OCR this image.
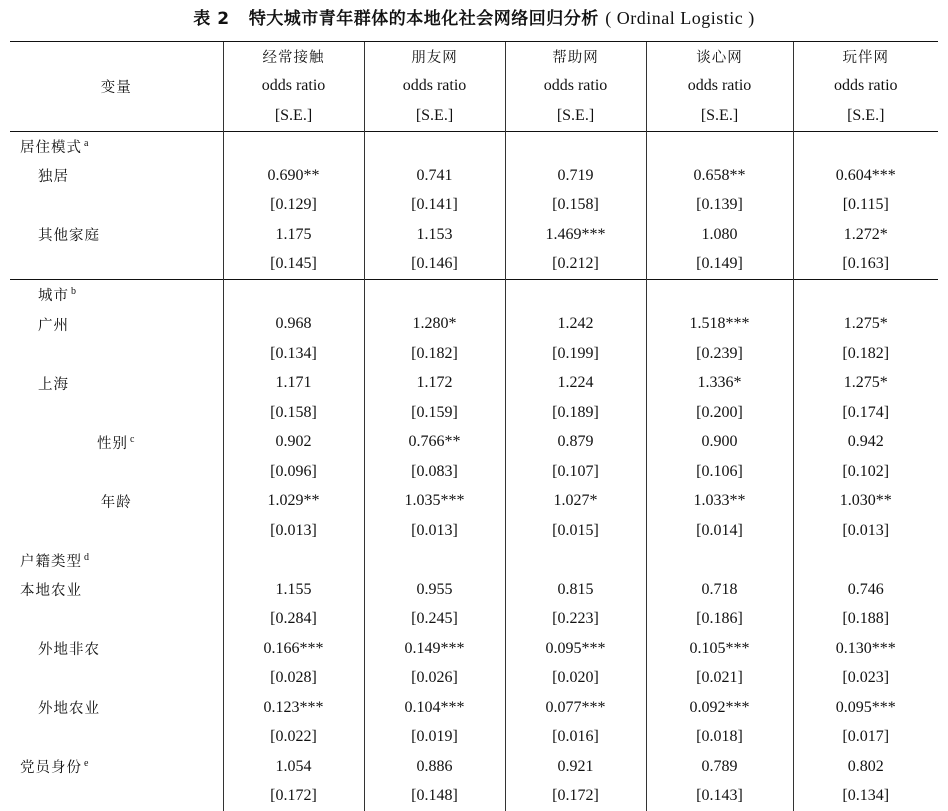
表 2 特大城市青年群体的本地化社会网络回归分析 ( Ordinal Logistic )
	经常接触	朋友网	帮助网	谈心网	玩伴网
变量	odds ratio	odds ratio	odds ratio	odds ratio	odds ratio
	[S.E.]	[S.E.]	[S.E.]	[S.E.]	[S.E.]
居住模式 $^a$					
独居	0.690**	0.741	0.719	0.658**	0.604***
	[0.129]	[0.141]	[0.158]	[0.139]	[0.115]
其他家庭	1.175	1.153	1.469***	1.080	1.272*
	[0.145]	[0.146]	[0.212]	[0.149]	[0.163]
城市 $^b$					
广州	0.968	1.280*	1.242	1.518***	1.275*
	[0.134]	[0.182]	[0.199]	[0.239]	[0.182]
上海	1.171	1.172	1.224	1.336*	1.275*
	[0.158]	[0.159]	[0.189]	[0.200]	[0.174]
性别 $^c$	0.902	0.766**	0.879	0.900	0.942
	[0.096]	[0.083]	[0.107]	[0.106]	[0.102]
年龄	1.029**	1.035***	1.027*	1.033**	1.030**
	[0.013]	[0.013]	[0.015]	[0.014]	[0.013]
户籍类型 $^d$					
本地农业	1.155	0.955	0.815	0.718	0.746
	[0.284]	[0.245]	[0.223]	[0.186]	[0.188]
外地非农	0.166***	0.149***	0.095***	0.105***	0.130***
	[0.028]	[0.026]	[0.020]	[0.021]	[0.023]
外地农业	0.123***	0.104***	0.077***	0.092***	0.095***
	[0.022]	[0.019]	[0.016]	[0.018]	[0.017]
党员身份 $^e$	1.054	0.886	0.921	0.789	0.802
	[0.172]	[0.148]	[0.172]	[0.143]	[0.134]
